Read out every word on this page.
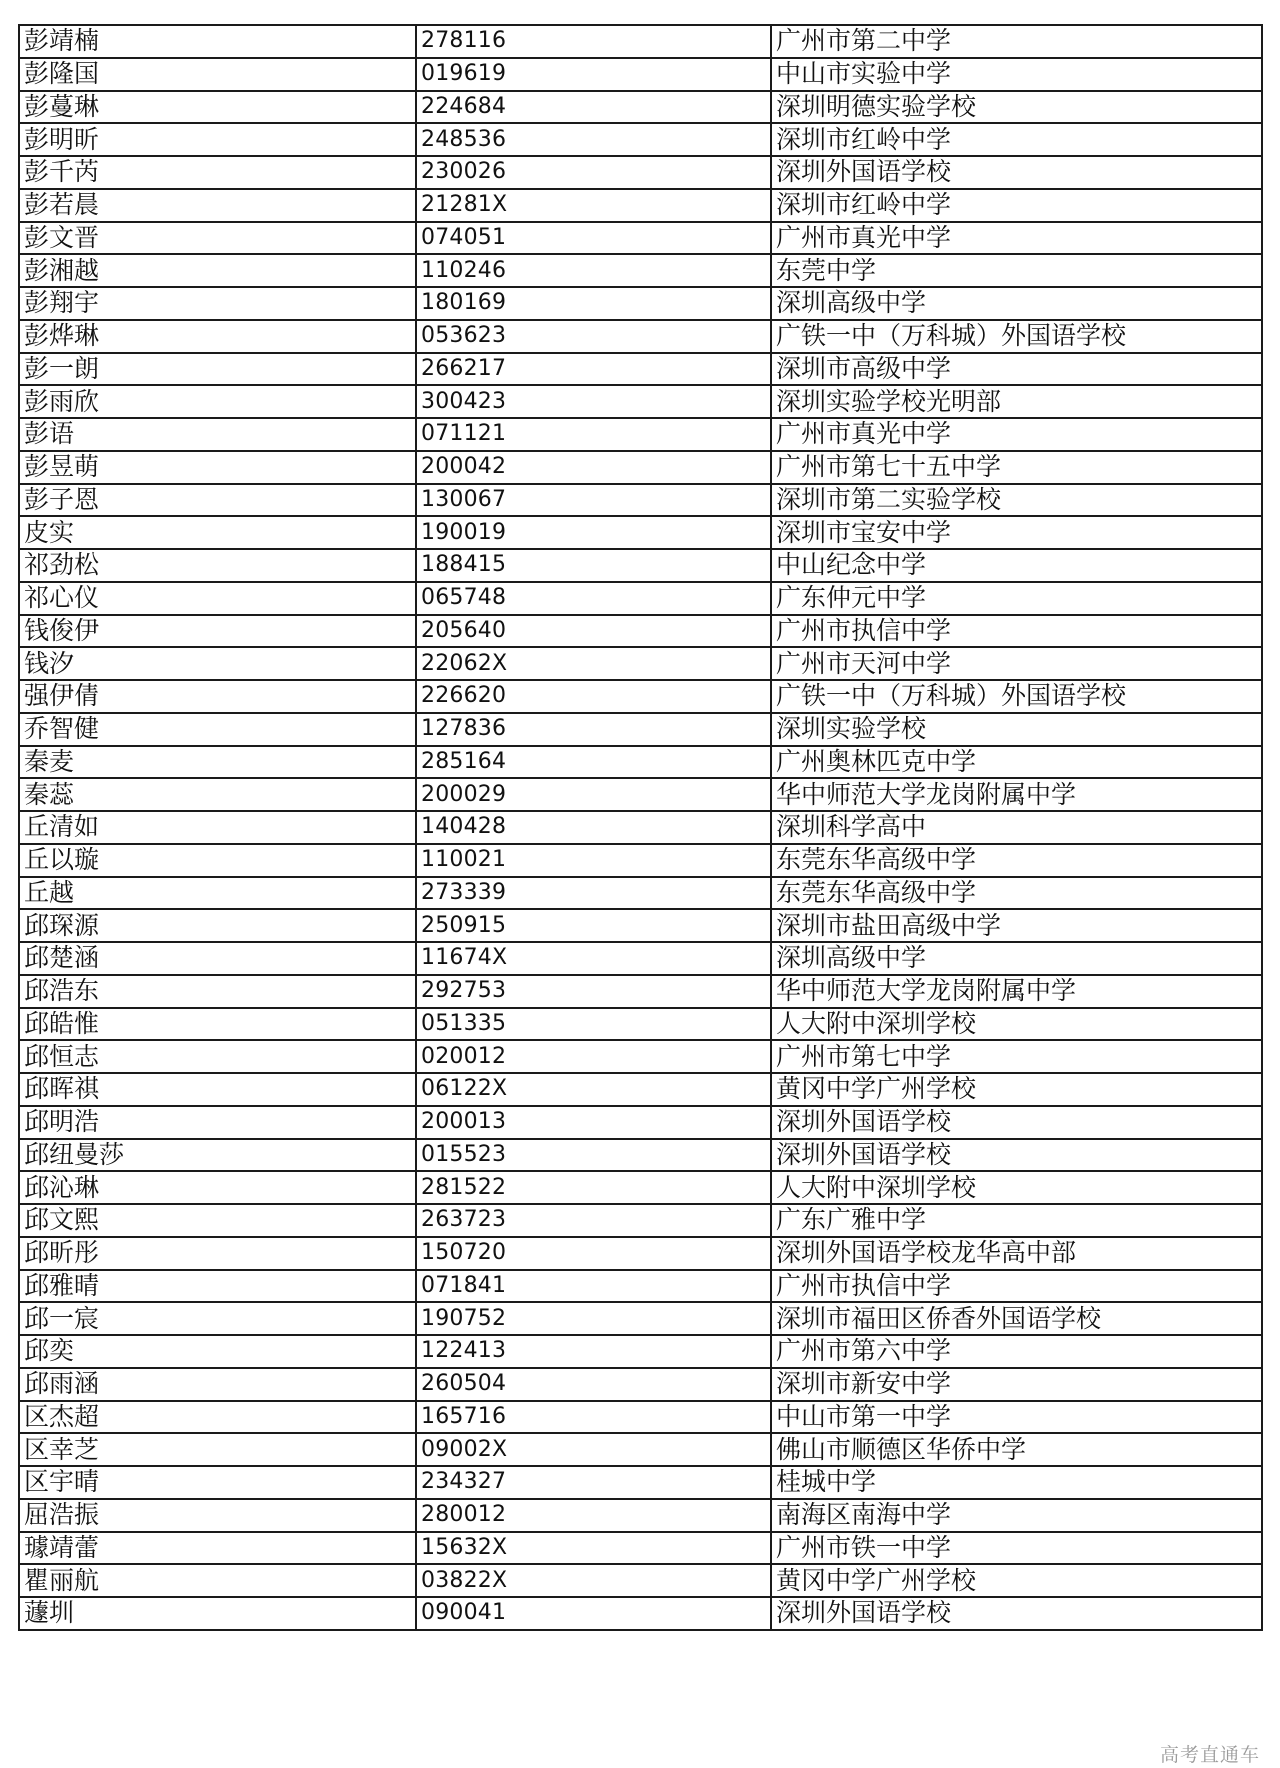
彭靖楠	278116	广州市第二中学
彭隆国	019619	中山市实验中学
彭蔓琳	224684	深圳明德实验学校
彭明昕	248536	深圳市红岭中学
彭千芮	230026	深圳外国语学校
彭若晨	21281X	深圳市红岭中学
彭文晋	074051	广州市真光中学
彭湘越	110246	东莞中学
彭翔宇	180169	深圳高级中学
彭烨琳	053623	广铁一中（万科城）外国语学校
彭一朗	266217	深圳市高级中学
彭雨欣	300423	深圳实验学校光明部
彭语	071121	广州市真光中学
彭昱萌	200042	广州市第七十五中学
彭子恩	130067	深圳市第二实验学校
皮实	190019	深圳市宝安中学
祁劲松	188415	中山纪念中学
祁心仪	065748	广东仲元中学
钱俊伊	205640	广州市执信中学
钱汐	22062X	广州市天河中学
强伊倩	226620	广铁一中（万科城）外国语学校
乔智健	127836	深圳实验学校
秦麦	285164	广州奥林匹克中学
秦蕊	200029	华中师范大学龙岗附属中学
丘清如	140428	深圳科学高中
丘以璇	110021	东莞东华高级中学
丘越	273339	东莞东华高级中学
邱琛源	250915	深圳市盐田高级中学
邱楚涵	11674X	深圳高级中学
邱浩东	292753	华中师范大学龙岗附属中学
邱皓惟	051335	人大附中深圳学校
邱恒志	020012	广州市第七中学
邱晖祺	06122X	黄冈中学广州学校
邱明浩	200013	深圳外国语学校
邱纽曼莎	015523	深圳外国语学校
邱沁琳	281522	人大附中深圳学校
邱文熙	263723	广东广雅中学
邱昕彤	150720	深圳外国语学校龙华高中部
邱雅晴	071841	广州市执信中学
邱一宸	190752	深圳市福田区侨香外国语学校
邱奕	122413	广州市第六中学
邱雨涵	260504	深圳市新安中学
区杰超	165716	中山市第一中学
区幸芝	09002X	佛山市顺德区华侨中学
区宇晴	234327	桂城中学
屈浩振	280012	南海区南海中学
璩靖蕾	15632X	广州市铁一中学
瞿丽航	03822X	黄冈中学广州学校
蘧圳	090041	深圳外国语学校
高考直通车
